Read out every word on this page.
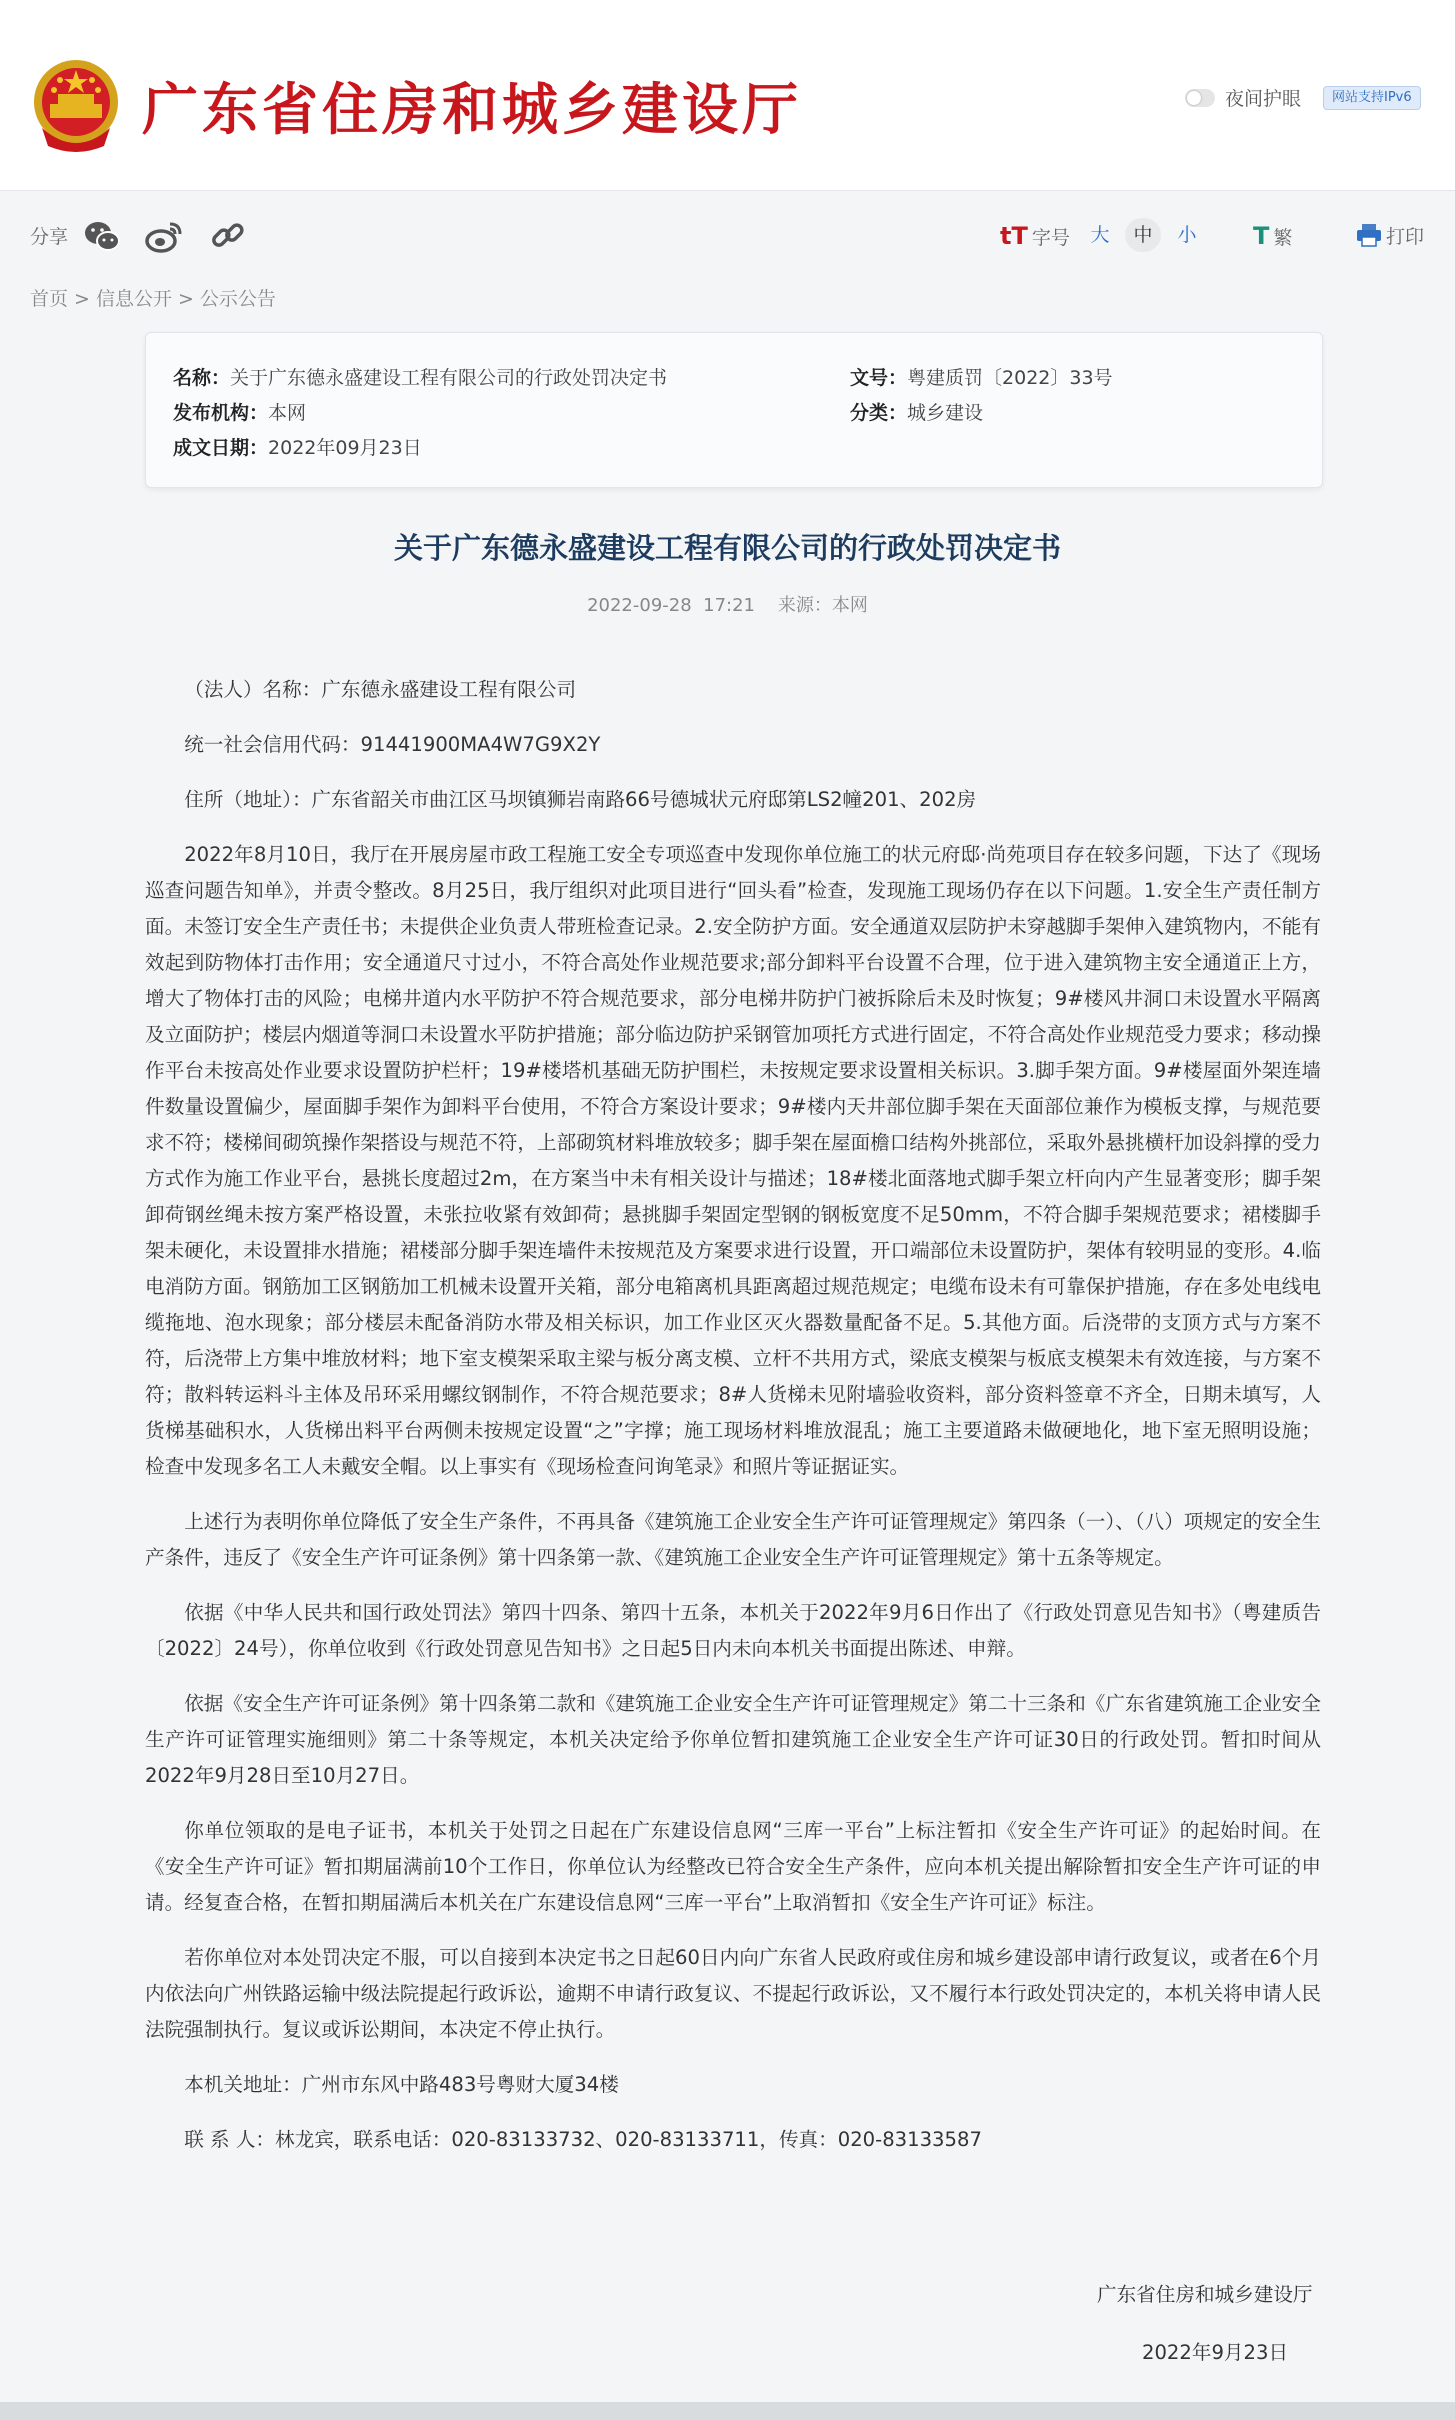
广东省住房和城乡建设厅	夜间护眼	网站支持IPv6
分享	tT 字号	大	中	小	T 繁	打印
首页 > 信息公开 > 公示公告
名称：关于广东德永盛建设工程有限公司的行政处罚决定书
发布机构：本网
成文日期：2022年09月23日
文号：粤建质罚〔2022〕33号
分类：城乡建设
关于广东德永盛建设工程有限公司的行政处罚决定书
2022-09-28 17:21 来源：本网

（法人）名称：广东德永盛建设工程有限公司

统一社会信用代码：91441900MA4W7G9X2Y

住所（地址）：广东省韶关市曲江区马坝镇狮岩南路66号德城状元府邸第LS2幢201、202房

2022年8月10日，我厅在开展房屋市政工程施工安全专项巡查中发现你单位施工的状元府邸·尚苑项目存在较多问题，下达了《现场巡查问题告知单》，并责令整改。8月25日，我厅组织对此项目进行“回头看”检查，发现施工现场仍存在以下问题。1.安全生产责任制方面。未签订安全生产责任书；未提供企业负责人带班检查记录。2.安全防护方面。安全通道双层防护未穿越脚手架伸入建筑物内，不能有效起到防物体打击作用；安全通道尺寸过小，不符合高处作业规范要求;部分卸料平台设置不合理，位于进入建筑物主安全通道正上方，增大了物体打击的风险；电梯井道内水平防护不符合规范要求，部分电梯井防护门被拆除后未及时恢复；9#楼风井洞口未设置水平隔离及立面防护；楼层内烟道等洞口未设置水平防护措施；部分临边防护采钢管加项托方式进行固定，不符合高处作业规范受力要求；移动操作平台未按高处作业要求设置防护栏杆；19#楼塔机基础无防护围栏，未按规定要求设置相关标识。3.脚手架方面。9#楼屋面外架连墙件数量设置偏少，屋面脚手架作为卸料平台使用，不符合方案设计要求；9#楼内天井部位脚手架在天面部位兼作为模板支撑，与规范要求不符；楼梯间砌筑操作架搭设与规范不符，上部砌筑材料堆放较多；脚手架在屋面檐口结构外挑部位，采取外悬挑横杆加设斜撑的受力方式作为施工作业平台，悬挑长度超过2m，在方案当中未有相关设计与描述；18#楼北面落地式脚手架立杆向内产生显著变形；脚手架卸荷钢丝绳未按方案严格设置，未张拉收紧有效卸荷；悬挑脚手架固定型钢的钢板宽度不足50mm，不符合脚手架规范要求；裙楼脚手架未硬化，未设置排水措施；裙楼部分脚手架连墙件未按规范及方案要求进行设置，开口端部位未设置防护，架体有较明显的变形。4.临电消防方面。钢筋加工区钢筋加工机械未设置开关箱，部分电箱离机具距离超过规范规定；电缆布设未有可靠保护措施，存在多处电线电缆拖地、泡水现象；部分楼层未配备消防水带及相关标识，加工作业区灭火器数量配备不足。5.其他方面。后浇带的支顶方式与方案不符，后浇带上方集中堆放材料；地下室支模架采取主梁与板分离支模、立杆不共用方式，梁底支模架与板底支模架未有效连接，与方案不符；散料转运料斗主体及吊环采用螺纹钢制作，不符合规范要求；8#人货梯未见附墙验收资料，部分资料签章不齐全，日期未填写，人货梯基础积水，人货梯出料平台两侧未按规定设置“之”字撑；施工现场材料堆放混乱；施工主要道路未做硬地化，地下室无照明设施；检查中发现多名工人未戴安全帽。以上事实有《现场检查问询笔录》和照片等证据证实。

上述行为表明你单位降低了安全生产条件，不再具备《建筑施工企业安全生产许可证管理规定》第四条（一）、（八）项规定的安全生产条件，违反了《安全生产许可证条例》第十四条第一款、《建筑施工企业安全生产许可证管理规定》第十五条等规定。

依据《中华人民共和国行政处罚法》第四十四条、第四十五条，本机关于2022年9月6日作出了《行政处罚意见告知书》（粤建质告〔2022〕24号），你单位收到《行政处罚意见告知书》之日起5日内未向本机关书面提出陈述、申辩。

依据《安全生产许可证条例》第十四条第二款和《建筑施工企业安全生产许可证管理规定》第二十三条和《广东省建筑施工企业安全生产许可证管理实施细则》第二十条等规定，本机关决定给予你单位暂扣建筑施工企业安全生产许可证30日的行政处罚。暂扣时间从2022年9月28日至10月27日。

你单位领取的是电子证书，本机关于处罚之日起在广东建设信息网“三库一平台”上标注暂扣《安全生产许可证》的起始时间。在《安全生产许可证》暂扣期届满前10个工作日，你单位认为经整改已符合安全生产条件，应向本机关提出解除暂扣安全生产许可证的申请。经复查合格，在暂扣期届满后本机关在广东建设信息网“三库一平台”上取消暂扣《安全生产许可证》标注。

若你单位对本处罚决定不服，可以自接到本决定书之日起60日内向广东省人民政府或住房和城乡建设部申请行政复议，或者在6个月内依法向广州铁路运输中级法院提起行政诉讼，逾期不申请行政复议、不提起行政诉讼，又不履行本行政处罚决定的，本机关将申请人民法院强制执行。复议或诉讼期间，本决定不停止执行。

本机关地址：广州市东风中路483号粤财大厦34楼

联 系 人：林龙宾，联系电话：020-83133732、020-83133711，传真：020-83133587

广东省住房和城乡建设厅
2022年9月23日
